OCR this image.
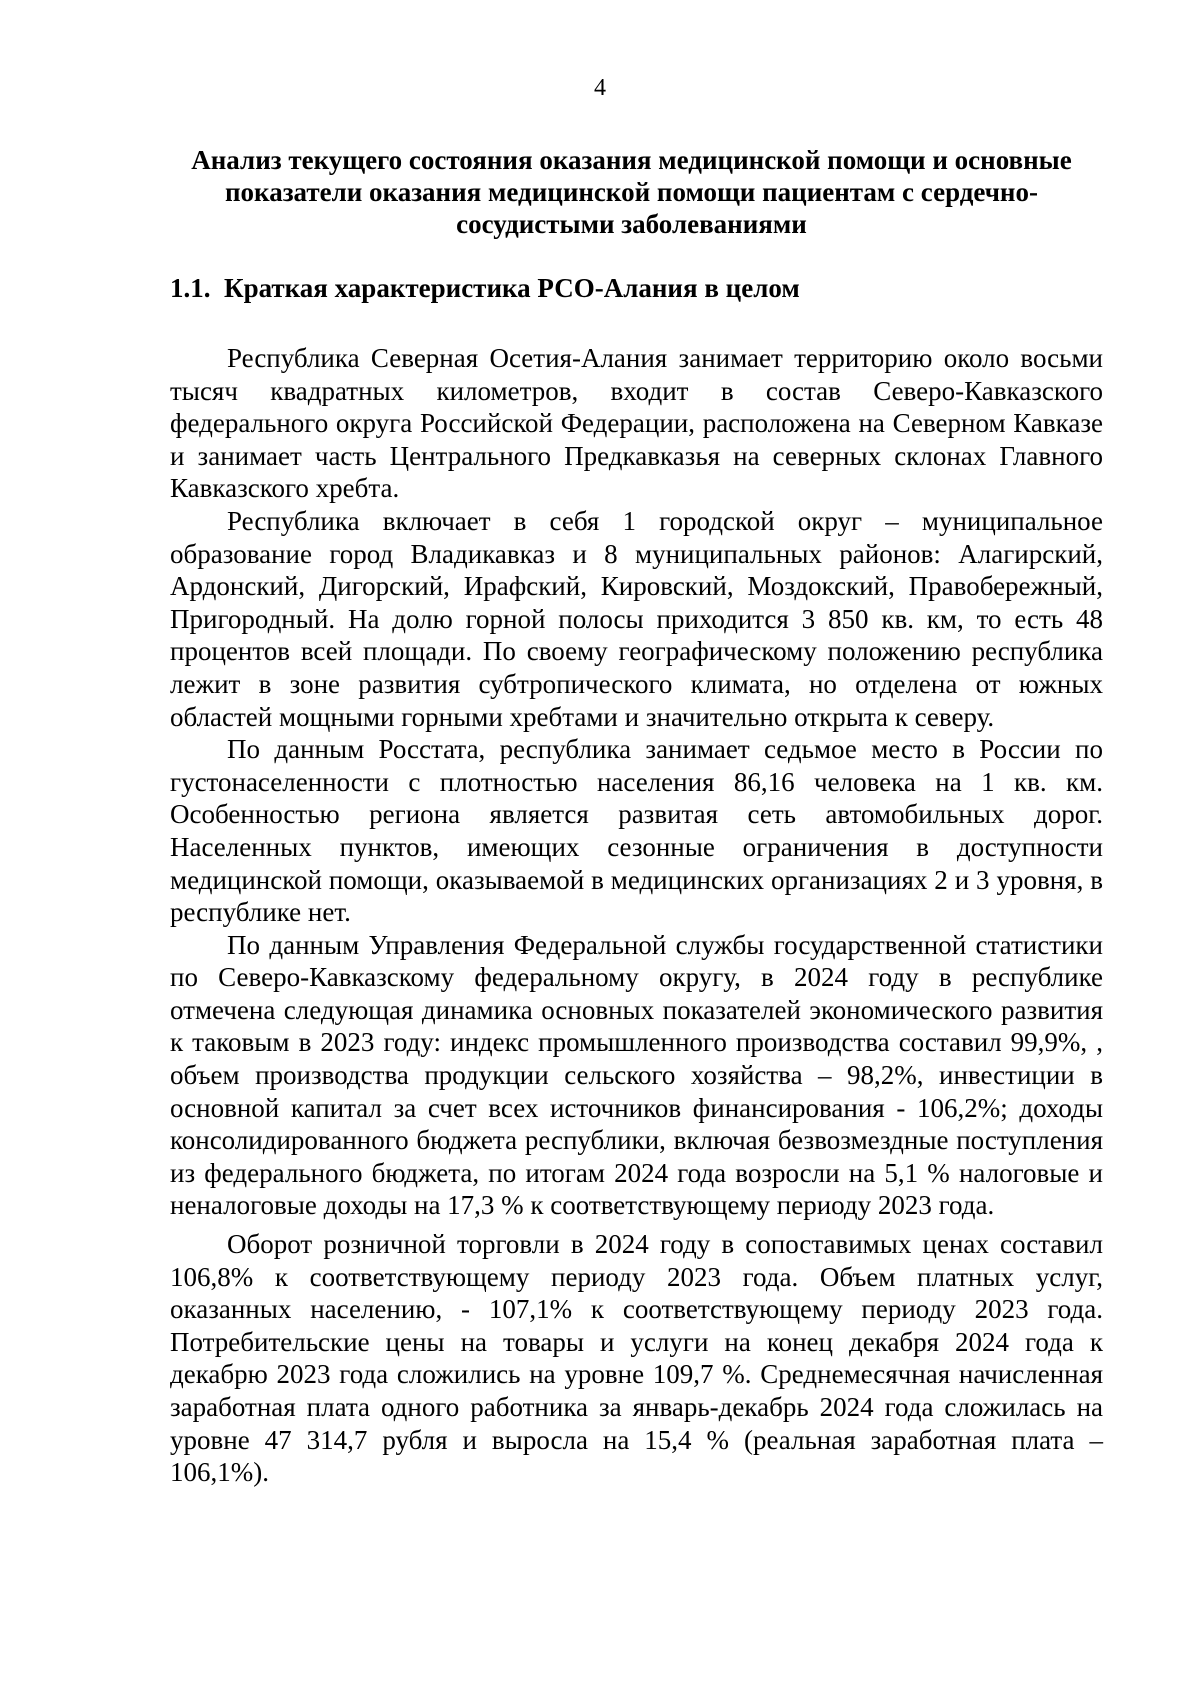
4
Анализ текущего состояния оказания медицинской помощи и основные показатели оказания медицинской помощи пациентам с сердечно-сосудистыми заболеваниями
1.1. Краткая характеристика РСО-Алания в целом

Республика Северная Осетия-Алания занимает территорию около восьми тысяч квадратных километров, входит в состав Северо-Кавказского федерального округа Российской Федерации, расположена на Северном Кавказе и занимает часть Центрального Предкавказья на северных склонах Главного Кавказского хребта.

Республика включает в себя 1 городской округ – муниципальное образование город Владикавказ и 8 муниципальных районов: Алагирский, Ардонский, Дигорский, Ирафский, Кировский, Моздокский, Правобережный, Пригородный. На долю горной полосы приходится 3 850 кв. км, то есть 48 процентов всей площади. По своему географическому положению республика лежит в зоне развития субтропического климата, но отделена от южных областей мощными горными хребтами и значительно открыта к северу.

По данным Росстата, республика занимает седьмое место в России по густонаселенности с плотностью населения 86,16 человека на 1 кв. км. Особенностью региона является развитая сеть автомобильных дорог. Населенных пунктов, имеющих сезонные ограничения в доступности медицинской помощи, оказываемой в медицинских организациях 2 и 3 уровня, в республике нет.

По данным Управления Федеральной службы государственной статистики по Северо-Кавказскому федеральному округу, в 2024 году в республике отмечена следующая динамика основных показателей экономического развития к таковым в 2023 году: индекс промышленного производства составил 99,9%, , объем производства продукции сельского хозяйства – 98,2%, инвестиции в основной капитал за счет всех источников финансирования - 106,2%; доходы консолидированного бюджета республики, включая безвозмездные поступления из федерального бюджета, по итогам 2024 года возросли на 5,1 % налоговые и неналоговые доходы на 17,3 % к соответствующему периоду 2023 года.

Оборот розничной торговли в 2024 году в сопоставимых ценах составил 106,8% к соответствующему периоду 2023 года. Объем платных услуг, оказанных населению, - 107,1% к соответствующему периоду 2023 года. Потребительские цены на товары и услуги на конец декабря 2024 года к декабрю 2023 года сложились на уровне 109,7 %. Среднемесячная начисленная заработная плата одного работника за январь-декабрь 2024 года сложилась на уровне 47 314,7 рубля и выросла на 15,4 % (реальная заработная плата – 106,1%).
